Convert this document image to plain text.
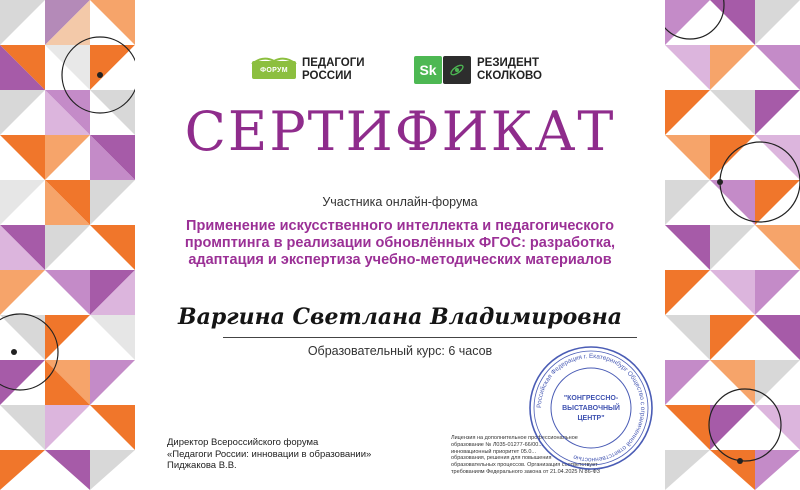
ФОРУМ
ПЕДАГОГИ
РОССИИ	Sk	РЕЗИДЕНТ
СКОЛКОВО
СЕРТИФИКАТ
Участника онлайн-форума
Применение искусственного интеллекта и педагогического
промптинга в реализации обновлённых ФГОС: разработка,
адаптация и экспертиза учебно-методических материалов
Варгина Светлана Владимировна
Образовательный курс: 6 часов
Директор Всероссийского форума
«Педагоги России: инновации в образовании»
Пиджакова В.В.
Лицензия на дополнительное профессиональное
образование № Л035-01277-66/00...
инновационный приоритет 05.0...
образования, решения для повышения
образовательных процессов. Организация соответствует
требованиям Федерального закона от 21.04.2025 N 86-ФЗ
Российская Федерация г. Екатеринбург Общество с ограниченной ответственностью
"КОНГРЕССНО-
ВЫСТАВОЧНЫЙ
ЦЕНТР"
